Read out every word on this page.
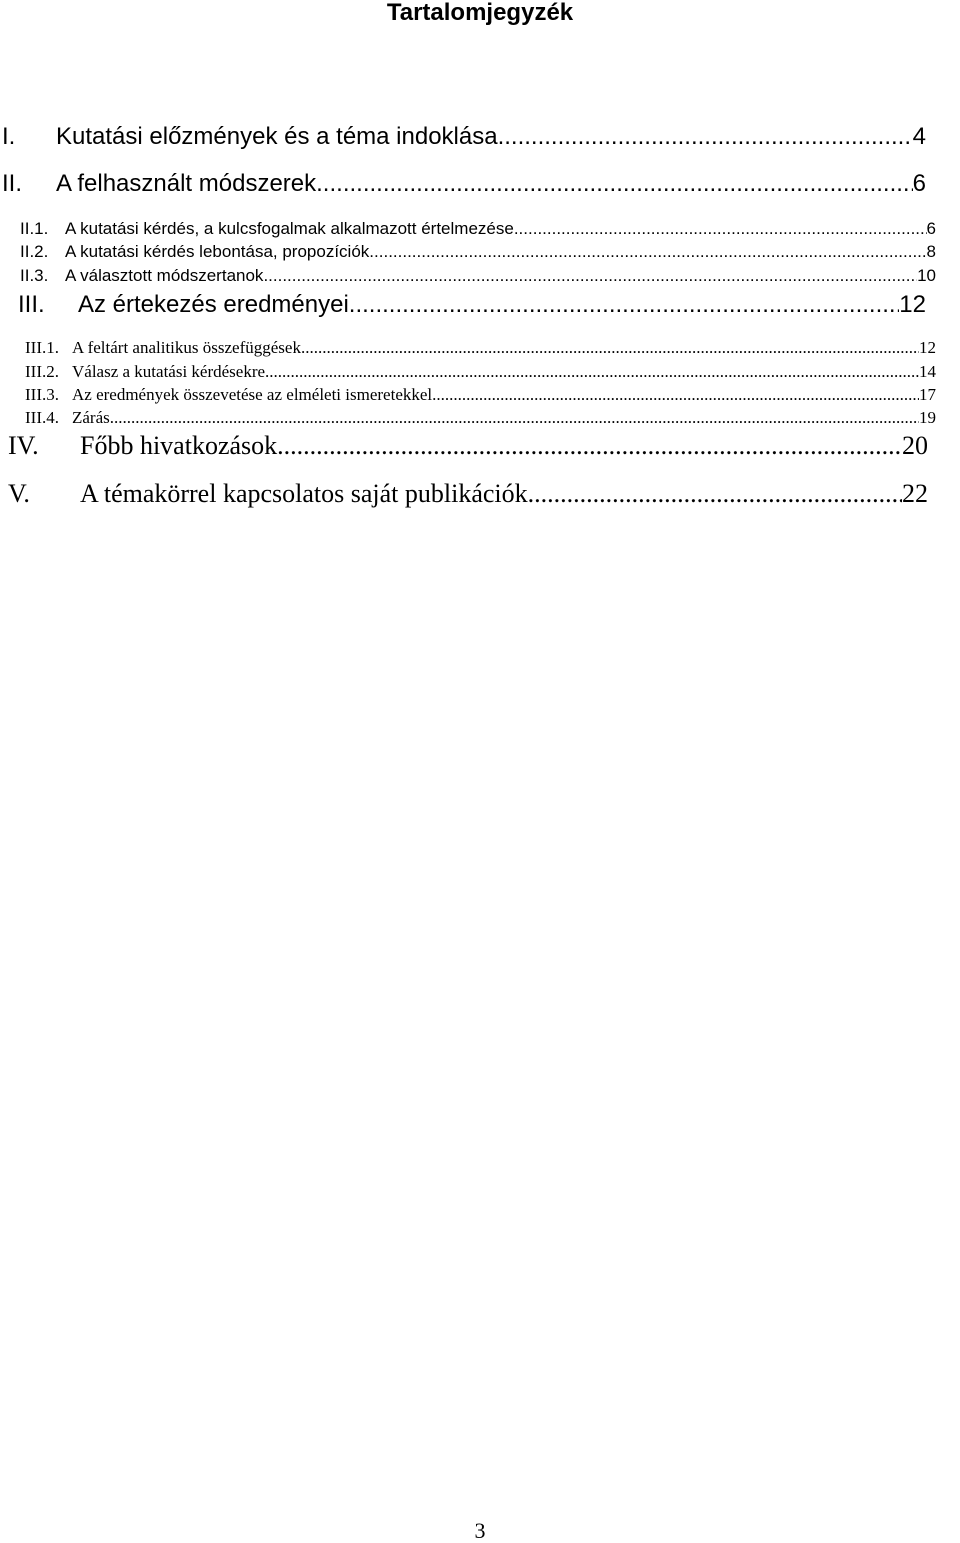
Tartalomjegyzék
I.	Kutatási előzmények és a téma indoklása .....	4
II.	A felhasznált módszerek .....	6
II.1. A kutatási kérdés, a kulcsfogalmak alkalmazott értelmezése .....	6
II.2. A kutatási kérdés lebontása, propozíciók .....	8
II.3. A választott módszertanok .....	10
III.	Az értekezés eredményei .....	12
III.1. A feltárt analitikus összefüggések .....	12
III.2. Válasz a kutatási kérdésekre .....	14
III.3. Az eredmények összevetése az elméleti ismeretekkel .....	17
III.4. Zárás .....	19
IV.	Főbb hivatkozások .....	20
V.	A témakörrel kapcsolatos saját publikációk .....	22
3
